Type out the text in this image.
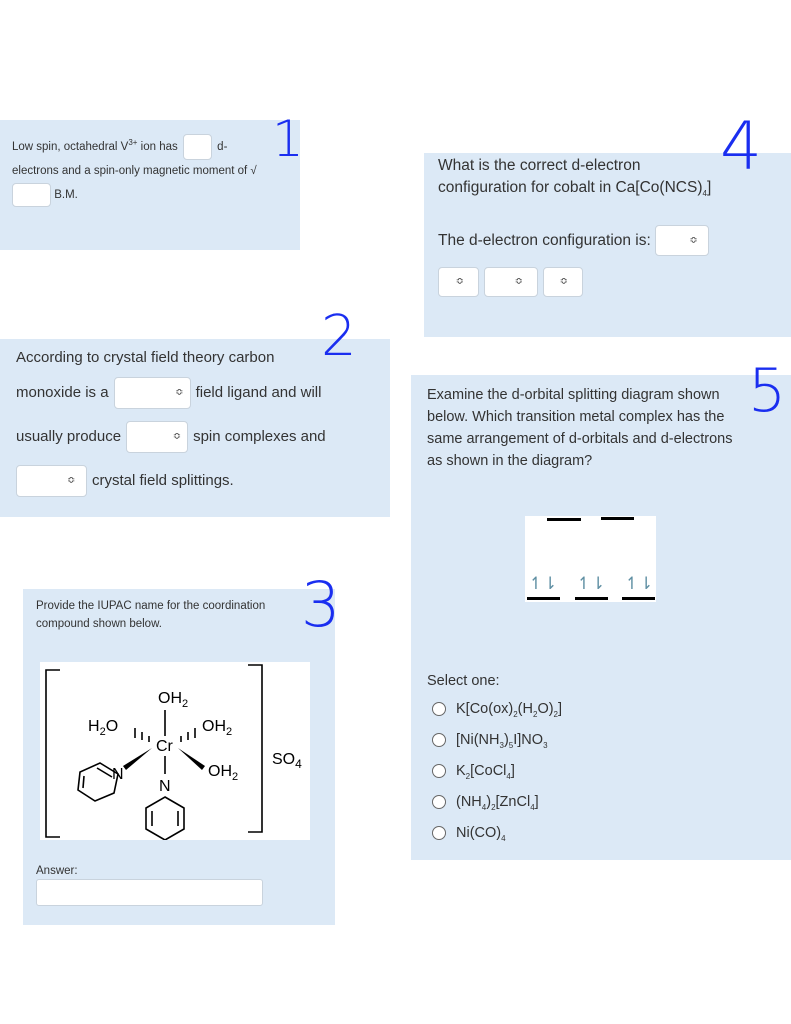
Low spin, octahedral $V^{3+}$ ion has	d-
electrons and a spin-only magnetic moment of √
B.M.
1
According to crystal field theory carbon
monoxide is a	≎ field ligand and will
usually produce	≎ spin complexes and
≎ crystal field splittings.
2
Provide the IUPAC name for the coordination
compound shown below.
Answer:
$OH_2$
$H_2O$	$OH_2$
Cr
$OH_2$
N
N
$SO_4$
3
What is the correct d-electron
configuration for cobalt in $Ca[Co(NCS)_4]$
The d-electron configuration is:	≎
≎	≎	≎
4
Examine the d-orbital splitting diagram shown
below. Which transition metal complex has the
same arrangement of d-orbitals and d-electrons
as shown in the diagram?
Select one:
$K[Co(ox)_2(H_2O)_2]$
$[Ni(NH_3)_5I]NO_3$
$K_2[CoCl_4]$
$(NH_4)_2[ZnCl_4]$
$Ni(CO)_4$
↿⇂ ↿⇂ ↿⇂
5
